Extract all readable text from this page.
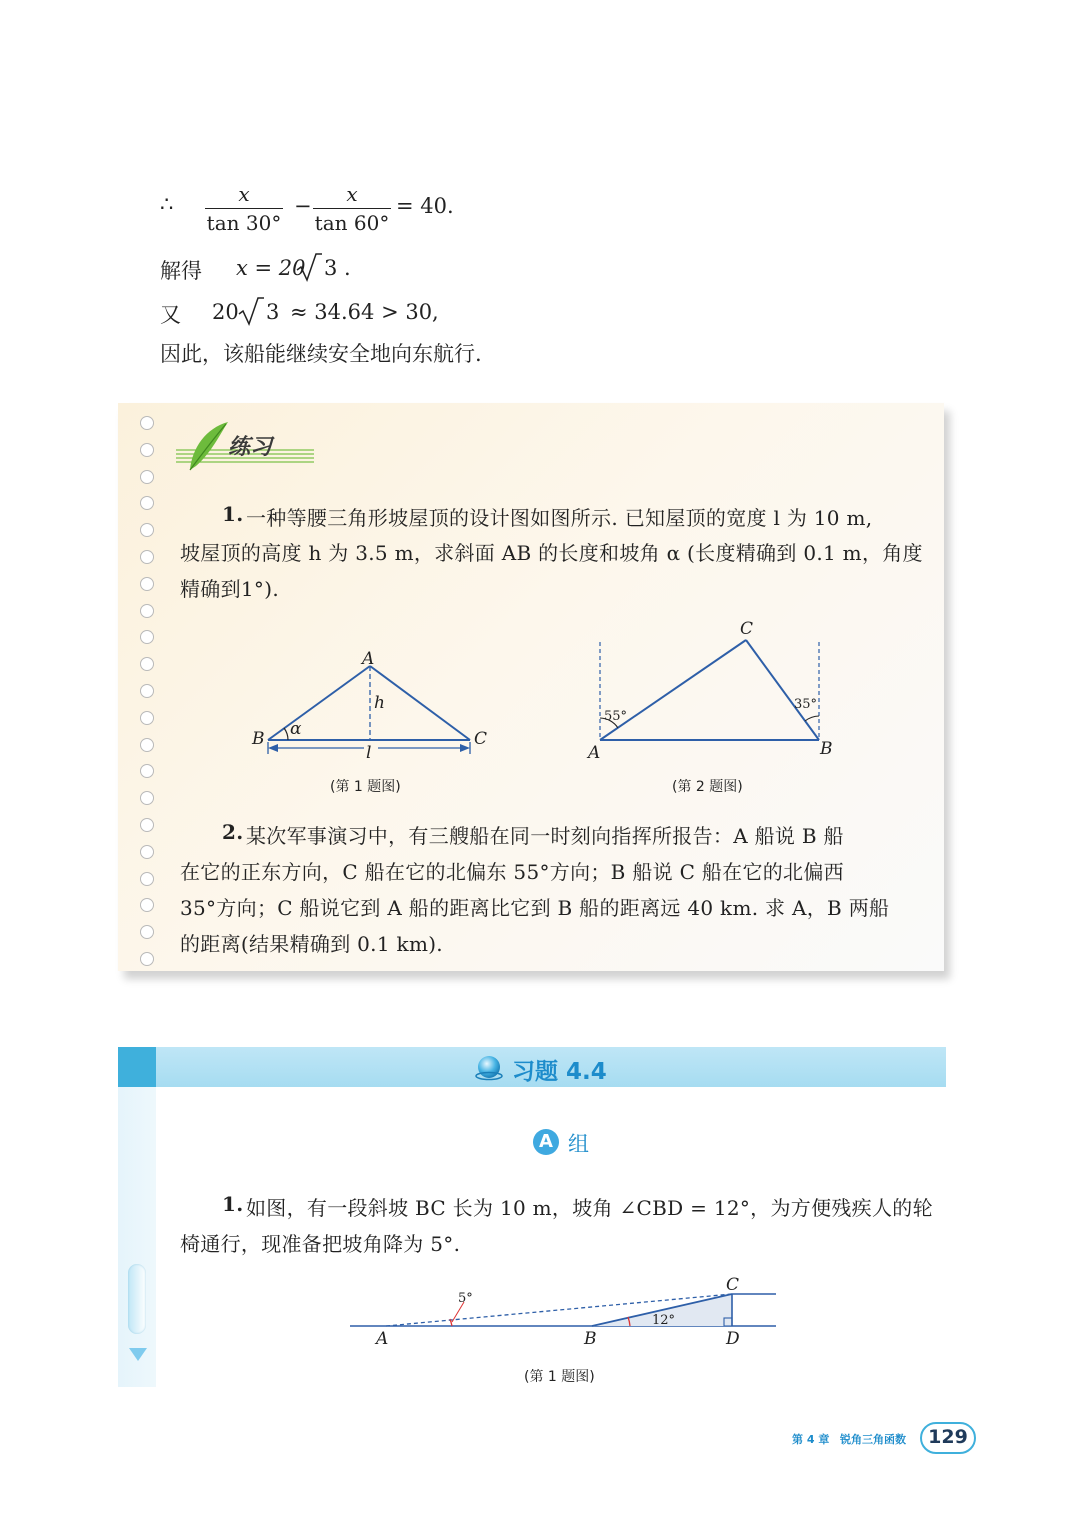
∴ $\frac{x}{\tan 30^\circ} - \frac{x}{\tan 60^\circ} = 40$.
解得 x = 20 3 .
又 20 3 ≈ 34.64 > 30,
因此，该船能继续安全地向东航行.
练习
1. 一种等腰三角形坡屋顶的设计图如图所示. 已知屋顶的宽度 l 为 10 m,
坡屋顶的高度 h 为 3.5 m，求斜面 AB 的长度和坡角 α (长度精确到 0.1 m，角度
精确到1°).
A
B	C
h
l
α
(第 1 题图)
C
A	B
55°
35°
(第 2 题图)
2. 某次军事演习中，有三艘船在同一时刻向指挥所报告：A 船说 B 船
在它的正东方向，C 船在它的北偏东 55°方向；B 船说 C 船在它的北偏西
35°方向；C 船说它到 A 船的距离比它到 B 船的距离远 40 km. 求 A，B 两船
的距离(结果精确到 0.1 km).
习题 4.4
A 组
1. 如图，有一段斜坡 BC 长为 10 m，坡角 ∠CBD = 12°，为方便残疾人的轮
椅通行，现准备把坡角降为 5°.
A	B
C
D
5°
12°
(第 1 题图)
第 4 章 锐角三角函数	129
